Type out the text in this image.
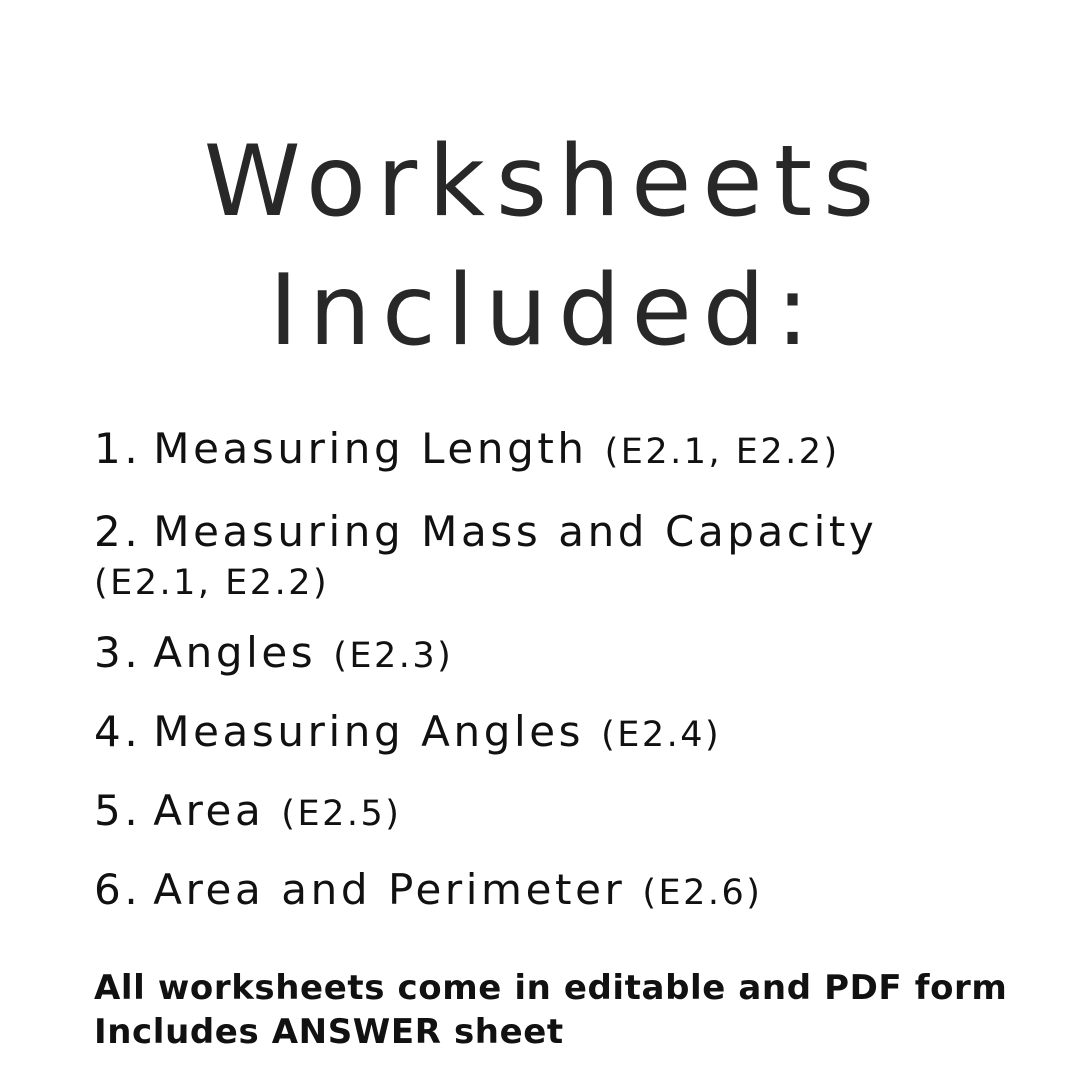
Worksheets
Included:
1. Measuring Length (E2.1, E2.2)
2. Measuring Mass and Capacity (E2.1, E2.2)
3. Angles (E2.3)
4. Measuring Angles (E2.4)
5. Area (E2.5)
6. Area and Perimeter (E2.6)
All worksheets come in editable and PDF form
Includes ANSWER sheet
